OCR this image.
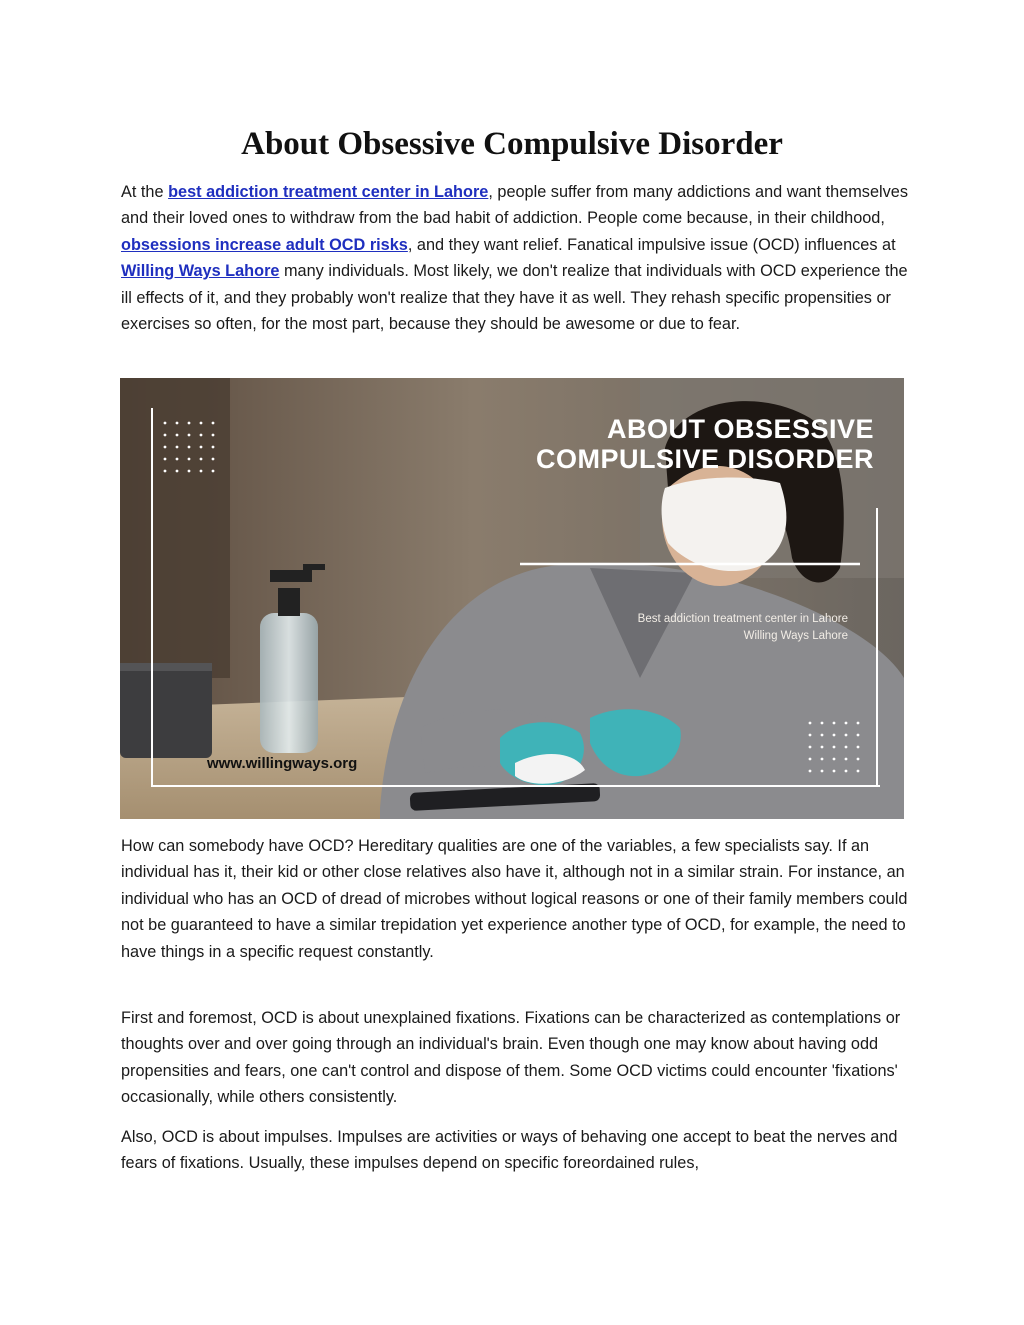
About Obsessive Compulsive Disorder

At the best addiction treatment center in Lahore, people suffer from many addictions and want themselves and their loved ones to withdraw from the bad habit of addiction. People come because, in their childhood, obsessions increase adult OCD risks, and they want relief. Fanatical impulsive issue (OCD) influences at Willing Ways Lahore many individuals. Most likely, we don't realize that individuals with OCD experience the ill effects of it, and they probably won't realize that they have it as well. They rehash specific propensities or exercises so often, for the most part, because they should be awesome or due to fear.

ABOUT OBSESSIVE
COMPULSIVE DISORDER
Best addiction treatment center in Lahore
Willing Ways Lahore
www.willingways.org

How can somebody have OCD? Hereditary qualities are one of the variables, a few specialists say. If an individual has it, their kid or other close relatives also have it, although not in a similar strain. For instance, an individual who has an OCD of dread of microbes without logical reasons or one of their family members could not be guaranteed to have a similar trepidation yet experience another type of OCD, for example, the need to have things in a specific request constantly.

First and foremost, OCD is about unexplained fixations. Fixations can be characterized as contemplations or thoughts over and over going through an individual's brain. Even though one may know about having odd propensities and fears, one can't control and dispose of them. Some OCD victims could encounter 'fixations' occasionally, while others consistently.

Also, OCD is about impulses. Impulses are activities or ways of behaving one accept to beat the nerves and fears of fixations. Usually, these impulses depend on specific foreordained rules,
